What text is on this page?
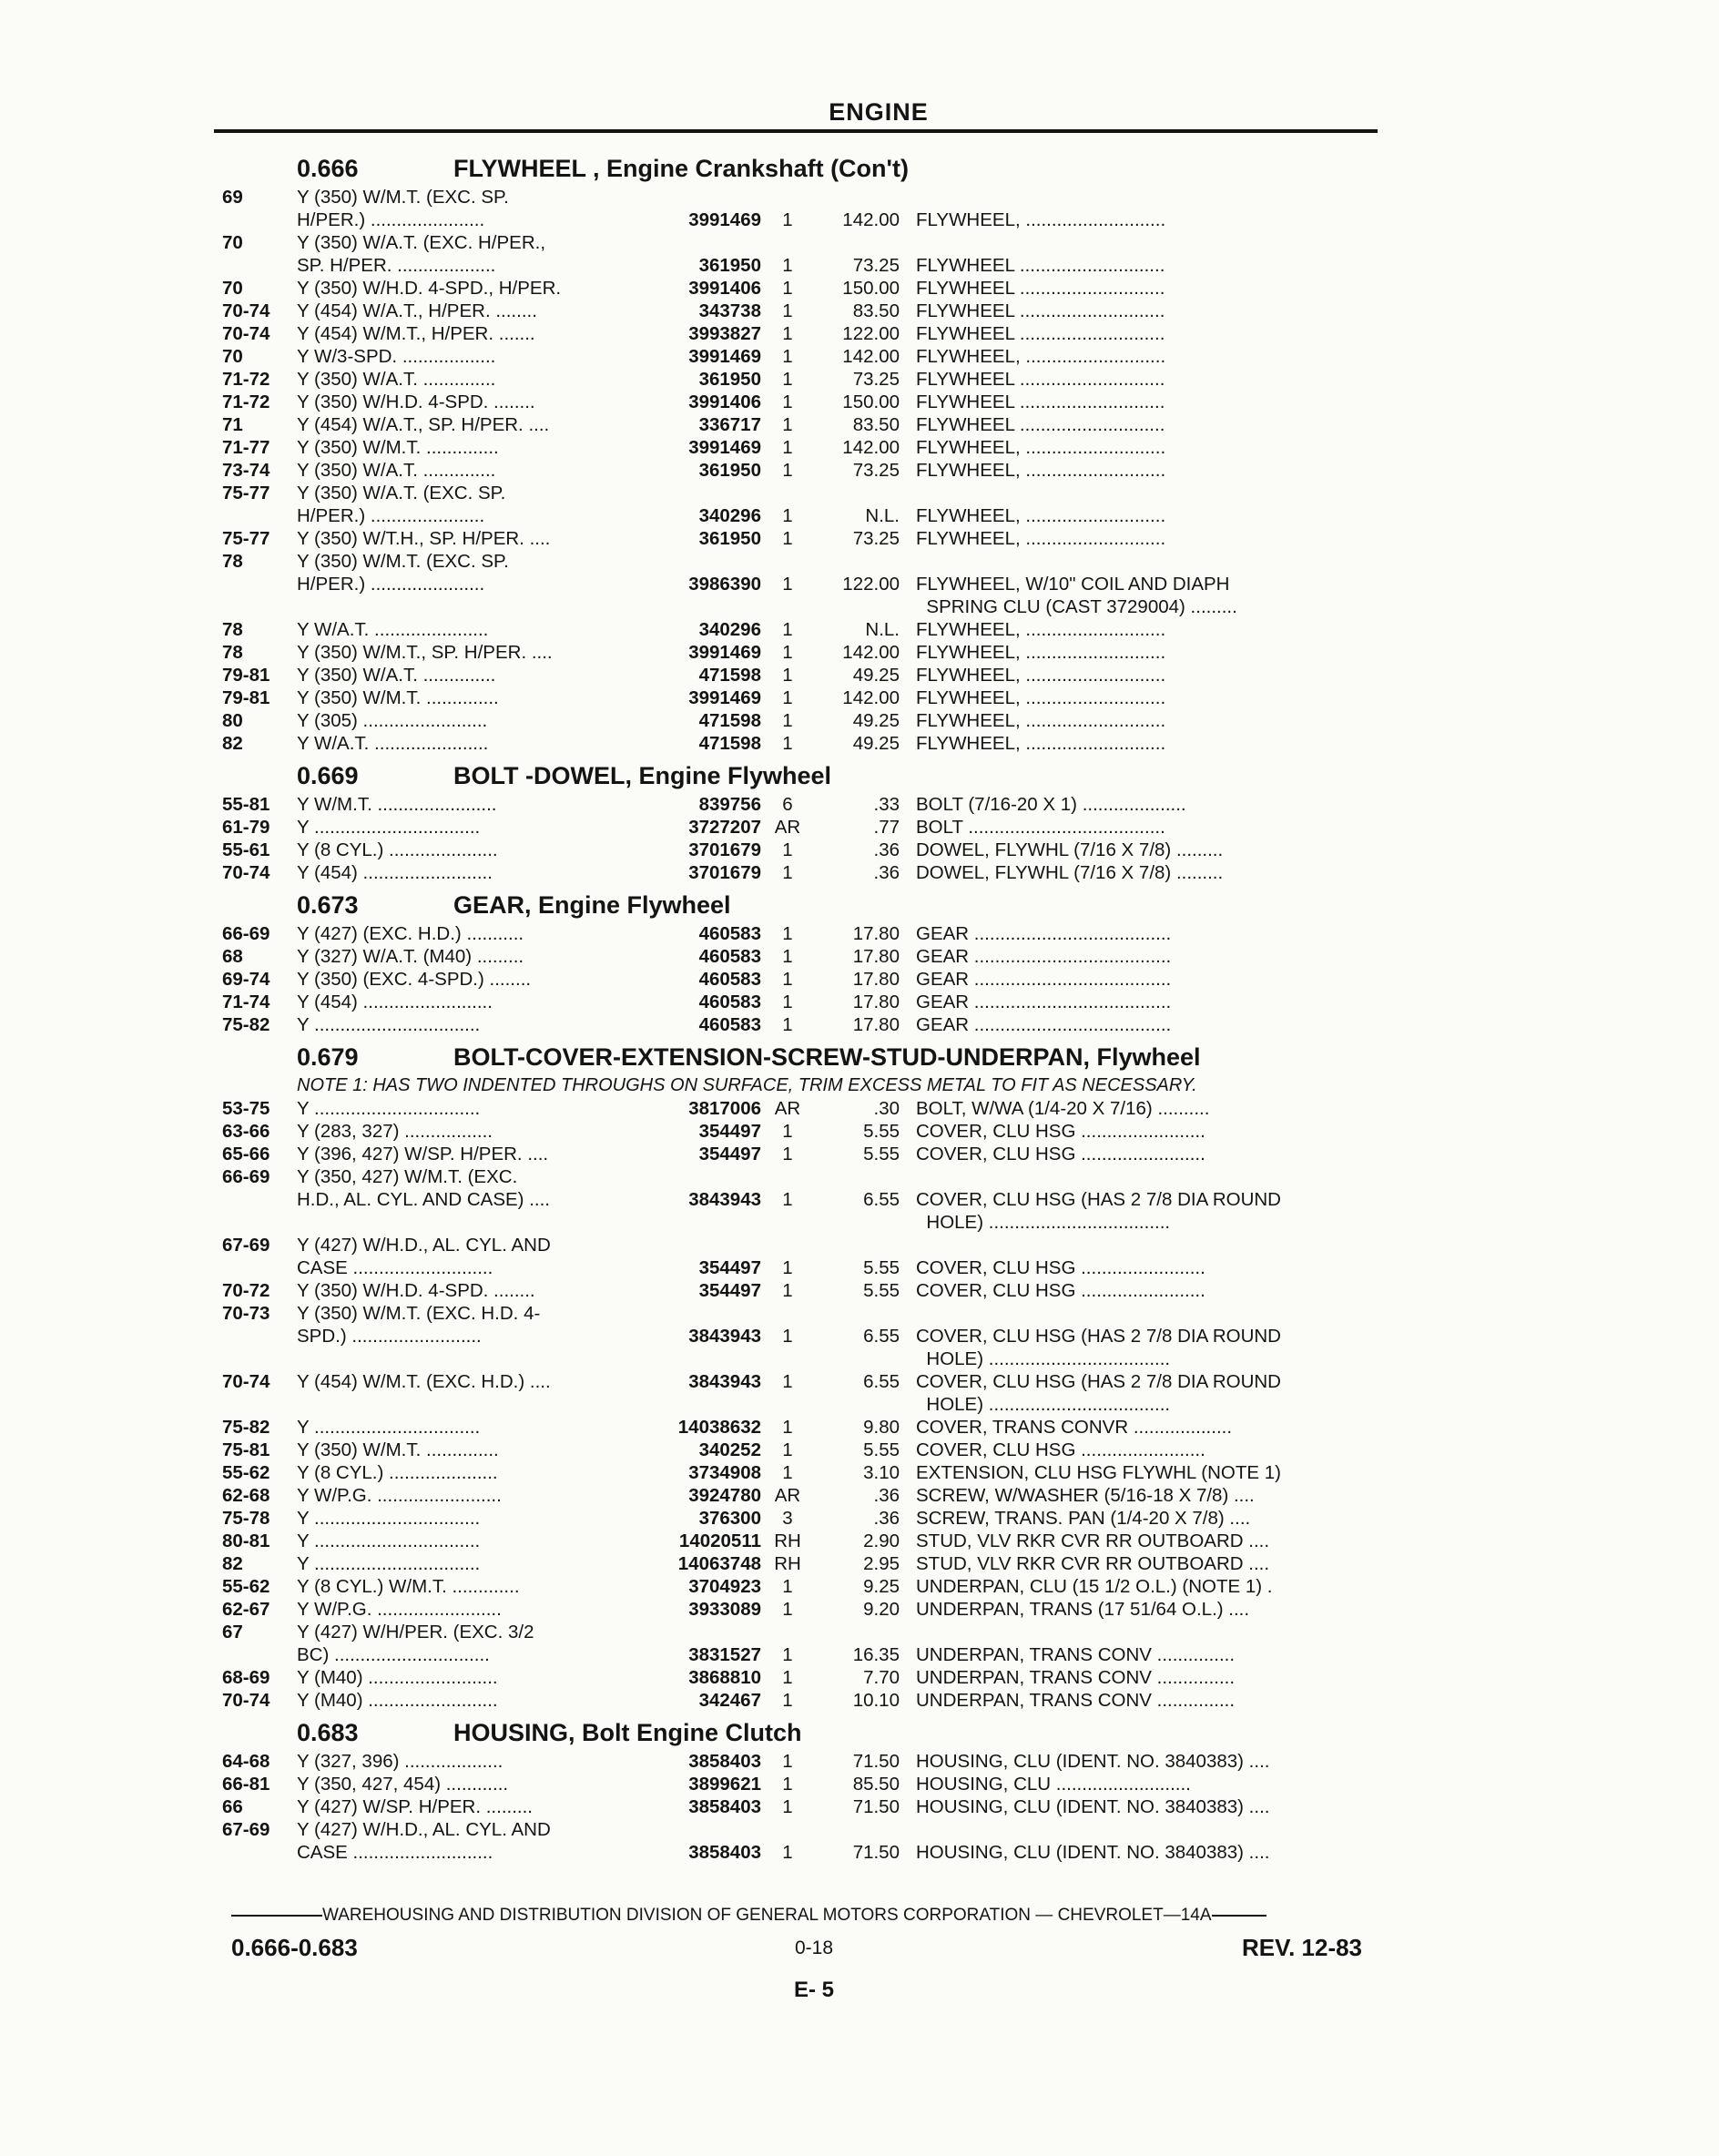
ENGINE
0.666	FLYWHEEL , Engine Crankshaft (Con't)
69	Y (350) W/M.T. (EXC. SP.
H/PER.) ......................	3991469	1	142.00 FLYWHEEL, ...........................
70	Y (350) W/A.T. (EXC. H/PER.,
SP. H/PER. ...................	361950	1	73.25 FLYWHEEL ............................
70	Y (350) W/H.D. 4-SPD., H/PER.	3991406	1	150.00 FLYWHEEL ............................
70-74	Y (454) W/A.T., H/PER. ........	343738	1	83.50 FLYWHEEL ............................
70-74	Y (454) W/M.T., H/PER. .......	3993827	1	122.00 FLYWHEEL ............................
70	Y W/3-SPD. ..................	3991469	1	142.00 FLYWHEEL, ...........................
71-72	Y (350) W/A.T. ..............	361950	1	73.25 FLYWHEEL ............................
71-72	Y (350) W/H.D. 4-SPD. ........	3991406	1	150.00 FLYWHEEL ............................
71	Y (454) W/A.T., SP. H/PER. ....	336717	1	83.50 FLYWHEEL ............................
71-77	Y (350) W/M.T. ..............	3991469	1	142.00 FLYWHEEL, ...........................
73-74	Y (350) W/A.T. ..............	361950	1	73.25 FLYWHEEL, ...........................
75-77	Y (350) W/A.T. (EXC. SP.
H/PER.) ......................	340296	1	N.L. FLYWHEEL, ...........................
75-77	Y (350) W/T.H., SP. H/PER. ....	361950	1	73.25 FLYWHEEL, ...........................
78	Y (350) W/M.T. (EXC. SP.
H/PER.) ......................	3986390	1	122.00 FLYWHEEL, W/10" COIL AND DIAPH
SPRING CLU (CAST 3729004) .........
78	Y W/A.T. ......................	340296	1	N.L. FLYWHEEL, ...........................
78	Y (350) W/M.T., SP. H/PER. ....	3991469	1	142.00 FLYWHEEL, ...........................
79-81	Y (350) W/A.T. ..............	471598	1	49.25 FLYWHEEL, ...........................
79-81	Y (350) W/M.T. ..............	3991469	1	142.00 FLYWHEEL, ...........................
80	Y (305) ........................	471598	1	49.25 FLYWHEEL, ...........................
82	Y W/A.T. ......................	471598	1	49.25 FLYWHEEL, ...........................
0.669	BOLT -DOWEL, Engine Flywheel
55-81	Y W/M.T. .......................	839756	6	.33 BOLT (7/16-20 X 1) ....................
61-79	Y ................................	3727207 AR	.77 BOLT ......................................
55-61	Y (8 CYL.) .....................	3701679	1	.36 DOWEL, FLYWHL (7/16 X 7/8) .........
70-74	Y (454) .........................	3701679	1	.36 DOWEL, FLYWHL (7/16 X 7/8) .........
0.673	GEAR, Engine Flywheel
66-69	Y (427) (EXC. H.D.) ...........	460583	1	17.80 GEAR ......................................
68	Y (327) W/A.T. (M40) .........	460583	1	17.80 GEAR ......................................
69-74	Y (350) (EXC. 4-SPD.) ........	460583	1	17.80 GEAR ......................................
71-74	Y (454) .........................	460583	1	17.80 GEAR ......................................
75-82	Y ................................	460583	1	17.80 GEAR ......................................
0.679	BOLT-COVER-EXTENSION-SCREW-STUD-UNDERPAN, Flywheel
NOTE 1: HAS TWO INDENTED THROUGHS ON SURFACE, TRIM EXCESS METAL TO FIT AS NECESSARY.
53-75	Y ................................	3817006 AR	.30 BOLT, W/WA (1/4-20 X 7/16) ..........
63-66	Y (283, 327) .................	354497	1	5.55 COVER, CLU HSG ........................
65-66	Y (396, 427) W/SP. H/PER. ....	354497	1	5.55 COVER, CLU HSG ........................
66-69	Y (350, 427) W/M.T. (EXC.
H.D., AL. CYL. AND CASE) ....	3843943	1	6.55 COVER, CLU HSG (HAS 2 7/8 DIA ROUND
HOLE) ...................................
67-69	Y (427) W/H.D., AL. CYL. AND
CASE ...........................	354497	1	5.55 COVER, CLU HSG ........................
70-72	Y (350) W/H.D. 4-SPD. ........	354497	1	5.55 COVER, CLU HSG ........................
70-73	Y (350) W/M.T. (EXC. H.D. 4-
SPD.) .........................	3843943	1	6.55 COVER, CLU HSG (HAS 2 7/8 DIA ROUND
HOLE) ...................................
70-74	Y (454) W/M.T. (EXC. H.D.) ....	3843943	1	6.55 COVER, CLU HSG (HAS 2 7/8 DIA ROUND
HOLE) ...................................
75-82	Y ................................	14038632	1	9.80 COVER, TRANS CONVR ...................
75-81	Y (350) W/M.T. ..............	340252	1	5.55 COVER, CLU HSG ........................
55-62	Y (8 CYL.) .....................	3734908	1	3.10 EXTENSION, CLU HSG FLYWHL (NOTE 1)
62-68	Y W/P.G. ........................	3924780 AR	.36 SCREW, W/WASHER (5/16-18 X 7/8) ....
75-78	Y ................................	376300	3	.36 SCREW, TRANS. PAN (1/4-20 X 7/8) ....
80-81	Y ................................	14020511 RH	2.90 STUD, VLV RKR CVR RR OUTBOARD ....
82	Y ................................	14063748 RH	2.95 STUD, VLV RKR CVR RR OUTBOARD ....
55-62	Y (8 CYL.) W/M.T. .............	3704923	1	9.25 UNDERPAN, CLU (15 1/2 O.L.) (NOTE 1) .
62-67	Y W/P.G. ........................	3933089	1	9.20 UNDERPAN, TRANS (17 51/64 O.L.) ....
67	Y (427) W/H/PER. (EXC. 3/2
BC) ..............................	3831527	1	16.35 UNDERPAN, TRANS CONV ...............
68-69	Y (M40) .........................	3868810	1	7.70 UNDERPAN, TRANS CONV ...............
70-74	Y (M40) .........................	342467	1	10.10 UNDERPAN, TRANS CONV ...............
0.683	HOUSING, Bolt Engine Clutch
64-68	Y (327, 396) ...................	3858403	1	71.50 HOUSING, CLU (IDENT. NO. 3840383) ....
66-81	Y (350, 427, 454) ............	3899621	1	85.50 HOUSING, CLU ..........................
66	Y (427) W/SP. H/PER. .........	3858403	1	71.50 HOUSING, CLU (IDENT. NO. 3840383) ....
67-69	Y (427) W/H.D., AL. CYL. AND
CASE ...........................	3858403	1	71.50 HOUSING, CLU (IDENT. NO. 3840383) ....
WAREHOUSING AND DISTRIBUTION DIVISION OF GENERAL MOTORS CORPORATION — CHEVROLET—14A
0.666-0.683	0-18	REV. 12-83
E- 5
